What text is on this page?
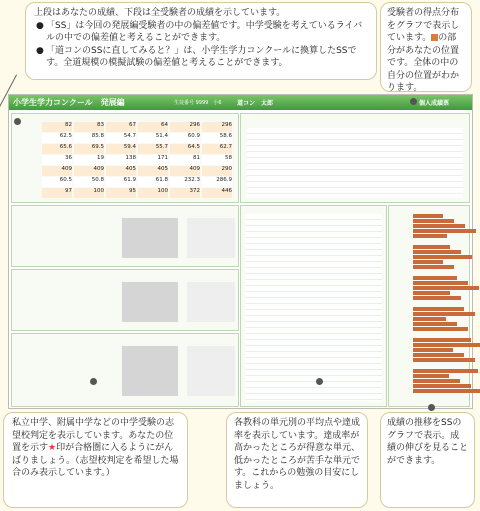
上段はあなたの成績、下段は全受験者の成績を示しています。
● 「SS」は今回の発展編受験者の中の偏差値です。中学受験を考えているライバルの中での偏差値と考えることができます。
● 「道コンのSSに直してみると？」は、小学生学力コンクールに換算したSSです。全道規模の模擬試験の偏差値と考えることができます。
受験者の得点分布をグラフで表示しています。 の部分があなたの位置です。全体の中の自分の位置がわかります。
小学生学力コンクール　発展編	生徒番号 9999　小6	道コン　太郎	個人成績票
82	83	67	64	296	296
62.5	85.8	54.7	51.4	60.9	58.6
65.6	69.5	59.4	55.7	64.5	62.7
36	19	138	171	81	58
409	409	405	405	409	290
60.5	50.8	61.9	61.8	232.3	286.9
97	100	95	100	372	446
私立中学、附属中学などの中学受験の志望校判定を表示しています。あなたの位置を示す★印が合格圏に入るようにがんばりましょう。（志望校判定を希望した場合のみ表示しています。）
各教科の単元別の平均点や達成率を表示しています。達成率が高かったところが得意な単元、低かったところが苦手な単元です。これからの勉強の目安にしましょう。
成績の推移をSSのグラフで表示。成績の伸びを見ることができます。
